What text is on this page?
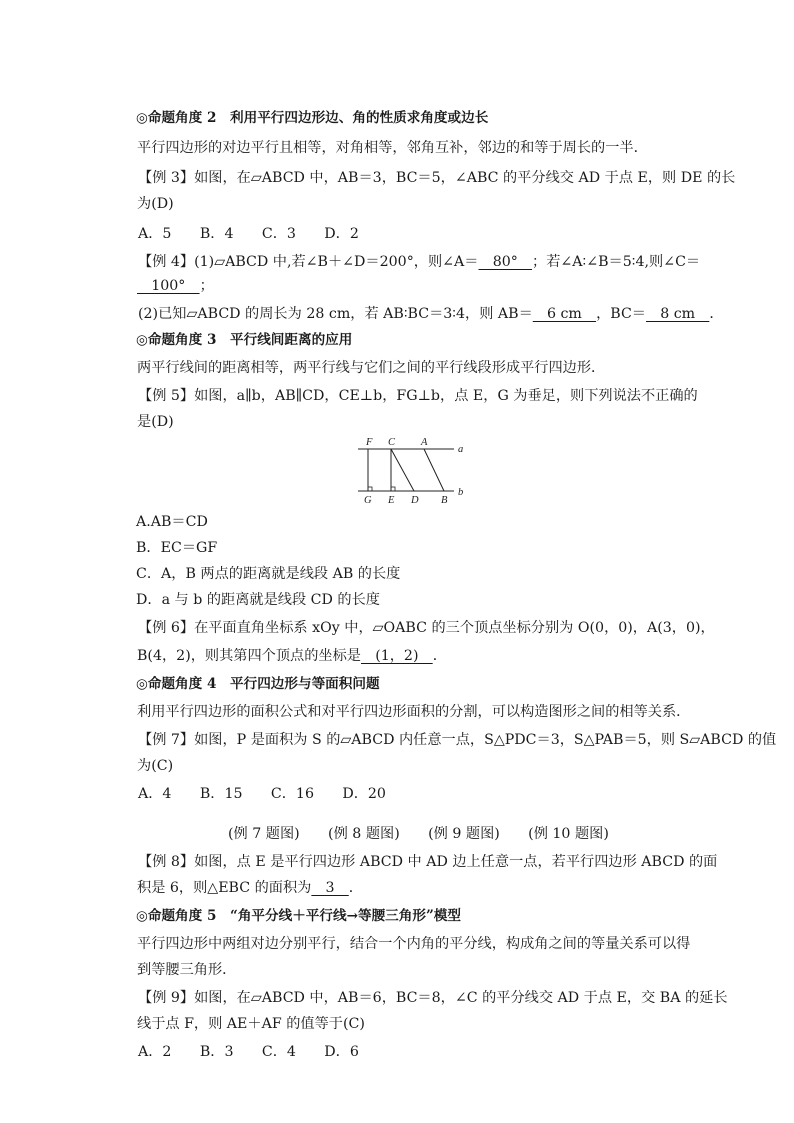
◎命题角度 2　利用平行四边形边、角的性质求角度或边长
平行四边形的对边平行且相等，对角相等，邻角互补，邻边的和等于周长的一半．
【例 3】如图，在▱ABCD 中，AB＝3，BC＝5，∠ABC 的平分线交 AD 于点 E，则 DE 的长
为(D)
A．5　　B．4　　C．3　　D．2
【例 4】(1)▱ABCD 中,若∠B＋∠D＝200°，则∠A＝　80°　；若∠A∶∠B＝5∶4,则∠C＝
　100°　；
(2)已知▱ABCD 的周长为 28 cm，若 AB∶BC＝3∶4，则 AB＝　6 cm　，BC＝　8 cm　．
◎命题角度 3　平行线间距离的应用
两平行线间的距离相等，两平行线与它们之间的平行线段形成平行四边形．
【例 5】如图，a∥b，AB∥CD，CE⊥b，FG⊥b，点 E，G 为垂足，则下列说法不正确的
是(D)
F C A
a
G E D B
b
A.AB＝CD
B．EC＝GF
C．A，B 两点的距离就是线段 AB 的长度
D．a 与 b 的距离就是线段 CD 的长度
【例 6】在平面直角坐标系 xOy 中，▱OABC 的三个顶点坐标分别为 O(0，0)，A(3，0)，
B(4，2)，则其第四个顶点的坐标是　(1，2)　．
◎命题角度 4　平行四边形与等面积问题
利用平行四边形的面积公式和对平行四边形面积的分割，可以构造图形之间的相等关系．
【例 7】如图，P 是面积为 S 的▱ABCD 内任意一点，S△PDC＝3，S△PAB＝5，则 S▱ABCD 的值
为(C)
A．4　　B．15　　C．16　　D．20
(例 7 题图)　　(例 8 题图)　　(例 9 题图)　　(例 10 题图)
【例 8】如图，点 E 是平行四边形 ABCD 中 AD 边上任意一点，若平行四边形 ABCD 的面
积是 6，则△EBC 的面积为　3　．
◎命题角度 5　“角平分线＋平行线→等腰三角形”模型
平行四边形中两组对边分别平行，结合一个内角的平分线，构成角之间的等量关系可以得
到等腰三角形．
【例 9】如图，在▱ABCD 中，AB＝6，BC＝8，∠C 的平分线交 AD 于点 E，交 BA 的延长
线于点 F，则 AE＋AF 的值等于(C)
A．2　　B．3　　C．4　　D．6
